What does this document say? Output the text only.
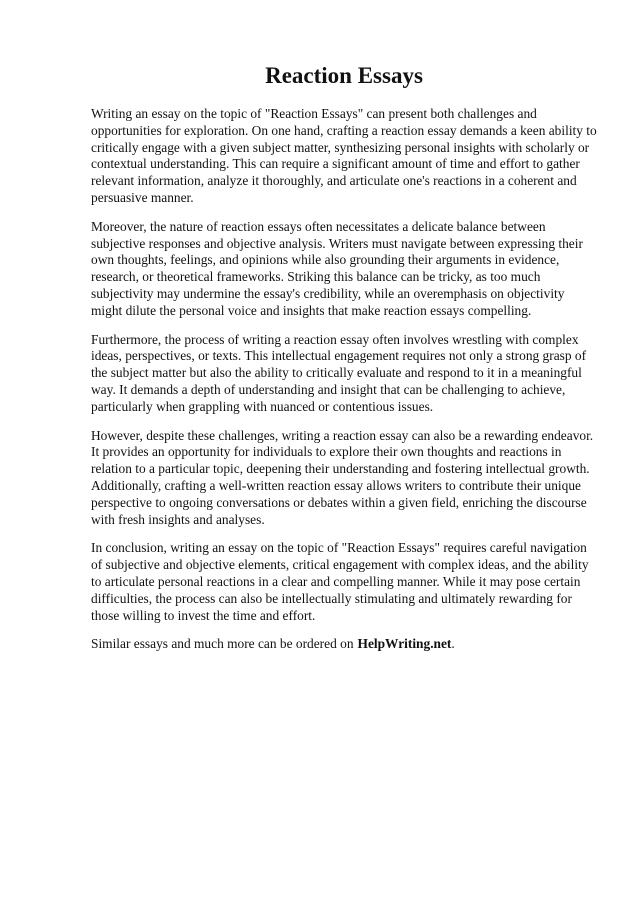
Reaction Essays

Writing an essay on the topic of "Reaction Essays" can present both challenges and opportunities for exploration. On one hand, crafting a reaction essay demands a keen ability to critically engage with a given subject matter, synthesizing personal insights with scholarly or contextual understanding. This can require a significant amount of time and effort to gather relevant information, analyze it thoroughly, and articulate one's reactions in a coherent and persuasive manner.

Moreover, the nature of reaction essays often necessitates a delicate balance between subjective responses and objective analysis. Writers must navigate between expressing their own thoughts, feelings, and opinions while also grounding their arguments in evidence, research, or theoretical frameworks. Striking this balance can be tricky, as too much subjectivity may undermine the essay's credibility, while an overemphasis on objectivity might dilute the personal voice and insights that make reaction essays compelling.

Furthermore, the process of writing a reaction essay often involves wrestling with complex ideas, perspectives, or texts. This intellectual engagement requires not only a strong grasp of the subject matter but also the ability to critically evaluate and respond to it in a meaningful way. It demands a depth of understanding and insight that can be challenging to achieve, particularly when grappling with nuanced or contentious issues.

However, despite these challenges, writing a reaction essay can also be a rewarding endeavor. It provides an opportunity for individuals to explore their own thoughts and reactions in relation to a particular topic, deepening their understanding and fostering intellectual growth. Additionally, crafting a well-written reaction essay allows writers to contribute their unique perspective to ongoing conversations or debates within a given field, enriching the discourse with fresh insights and analyses.

In conclusion, writing an essay on the topic of "Reaction Essays" requires careful navigation of subjective and objective elements, critical engagement with complex ideas, and the ability to articulate personal reactions in a clear and compelling manner. While it may pose certain difficulties, the process can also be intellectually stimulating and ultimately rewarding for those willing to invest the time and effort.

Similar essays and much more can be ordered on HelpWriting.net.
